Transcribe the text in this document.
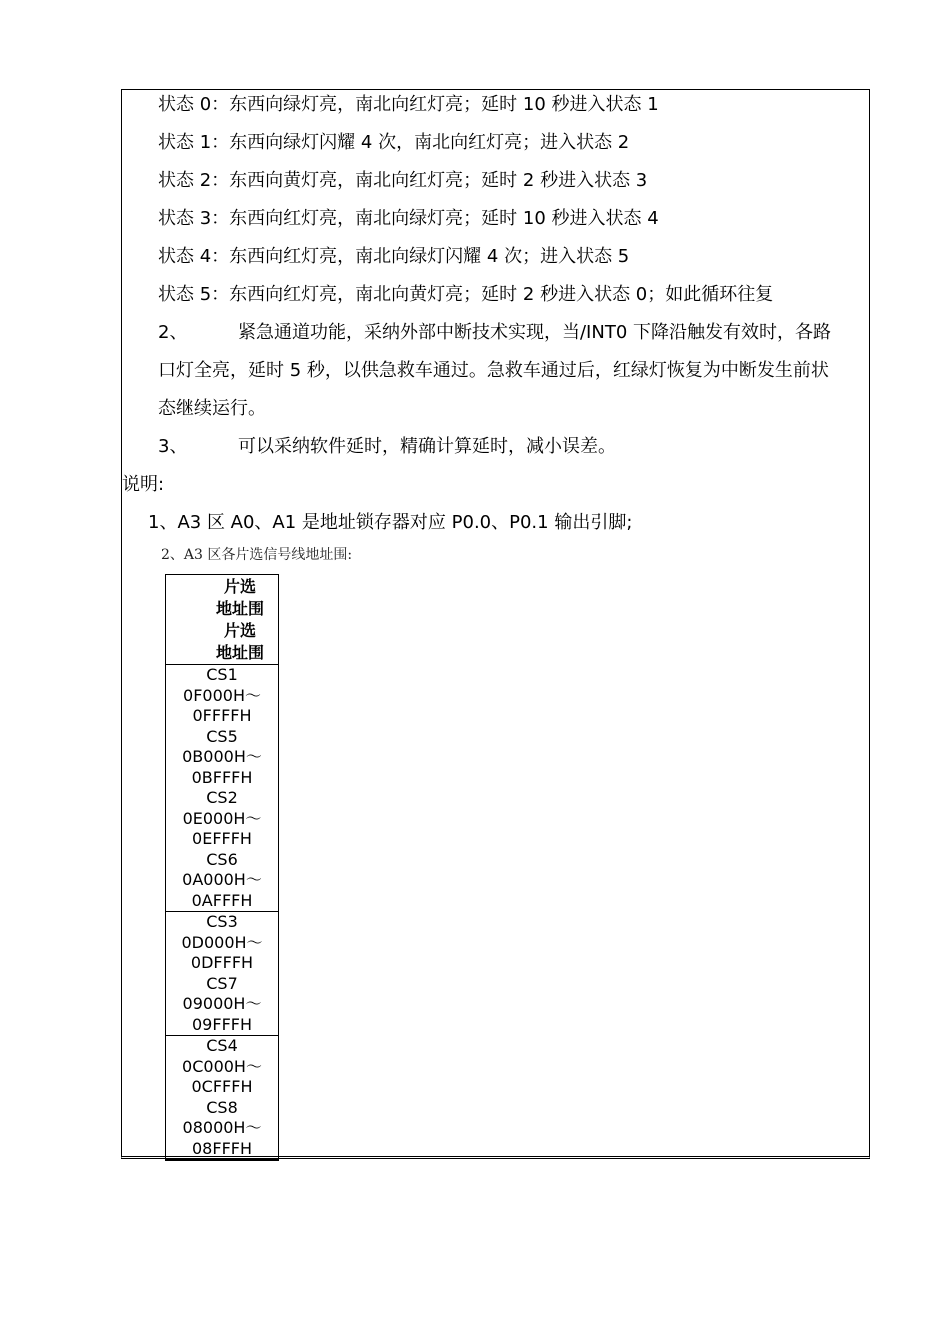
状态 0：东西向绿灯亮，南北向红灯亮；延时 10 秒进入状态 1
状态 1：东西向绿灯闪耀 4 次，南北向红灯亮；进入状态 2
状态 2：东西向黄灯亮，南北向红灯亮；延时 2 秒进入状态 3
状态 3：东西向红灯亮，南北向绿灯亮；延时 10 秒进入状态 4
状态 4：东西向红灯亮，南北向绿灯闪耀 4 次；进入状态 5
状态 5：东西向红灯亮，南北向黄灯亮；延时 2 秒进入状态 0；如此循环往复
2、	紧急通道功能，采纳外部中断技术实现，当/INT0 下降沿触发有效时，各路
口灯全亮，延时 5 秒，以供急救车通过。急救车通过后，红绿灯恢复为中断发生前状
态继续运行。
3、	可以采纳软件延时，精确计算延时，减小误差。
说明:
1、A3 区 A0、A1 是地址锁存器对应 P0.0、P0.1 输出引脚;
2、A3 区各片选信号线地址围:
片选
地址围
片选
地址围
CS1
0F000H～
0FFFFH
CS5
0B000H～
0BFFFH
CS2
0E000H～
0EFFFH
CS6
0A000H～
0AFFFH
CS3
0D000H～
0DFFFH
CS7
09000H～
09FFFH
CS4
0C000H～
0CFFFH
CS8
08000H～
08FFFH
